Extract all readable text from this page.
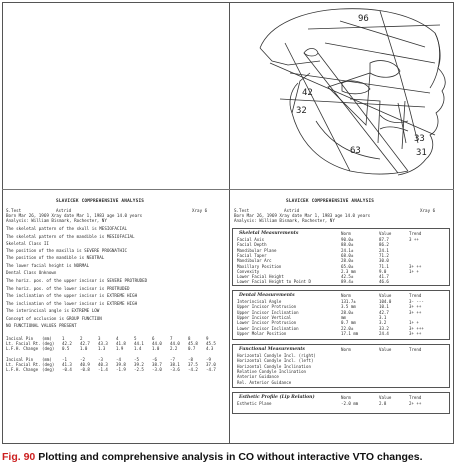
SLAVICEK COMPREHENSIVE ANALYSIS
S.Test	Astrid	Xray 6
Born Mar 26, 1969 Xray date Mar 1, 1983 age 14.0 years
Analysis: William Bismark, Rochester, NY
The skeletal pattern of the skull is MESIOFACIAL
The skeletal pattern of the mandible is MESIOFACIAL
Skeletal Class II
The position of the maxilla is SEVERE PROGNATHIC
The position of the mandible is NEUTRAL
The lower facial height is NORMAL
Dental Class Unknown
The horiz. pos. of the upper incisor is SEVERE PROTRUDED
The horiz. pos. of the lower incisor is PROTRUDED
The inclination of the upper incisor is EXTREME HIGH
The inclination of the lower incisor is EXTREME HIGH
The interincisal angle is EXTREME LOW
Concept of occlusion is GROUP FUNCTION
NO FUNCTIONAL VALUES PRESENT
Incisal Pin (mm) 1	2	3	4	5	6	7	8	9
Lt. Facial Rt. (deg) 42.2 42.7 43.3 41.8 44.1 44.0 44.0 45.8 45.5
L.F.H. Change (deg) 0.5	1.0	1.3	1.9	1.4	1.0	2.2	0.7	4.3
Incisal Pin (mm) -1	-2	-3	-4	-5	-6	-7	-8	-9
Lt. Facial Rt. (deg) 41.3 40.9 40.3 39.8 39.2 38.7 38.1 37.5 37.0
L.F.H. Change (deg) -0.4 -0.8 -1.4 -1.9 -2.5 -3.0 -3.6 -4.2 -4.7
96
42
32
33
31
63
SLAVICEK COMPREHENSIVE ANALYSIS
S.Test	Astrid	Xray 6
Born Mar 26, 1969 Xray date Mar 1, 1983 age 14.0 years
Analysis: William Bismark, Rochester, NY
Skeletal Measurements	Norm	Value	Trend
Facial Axis	90.0±	87.7	3 ++
Facial Depth	88.0±	86.2
Mandibular Plane	24.1±	24.1
Facial Taper	68.0±	71.2
Mandibular Arc	28.0±	30.0
Maxillary Position	65.0±	71.1	3+ ++
Convexity	2.3 mm	9.0	1+ +
Lower Facial Height	42.5±	41.7
Lower Facial Height to Point D	89.4±	46.6
Dental Measurements	Norm	Value	Trend
Interincisal Angle	131.7±	104.0	3- ---
Upper Incisor Protrusion	3.5 mm	10.1	3+ ++
Upper Incisor Inclination	28.0±	42.7	3+ ++
Upper Incisor Vertical	mm	3.1
Lower Incisor Protrusion	0.7 mm	3.2	1+ +
Lower Incisor Inclination	22.0±	33.2	3+ +++
Upper Molar Position	17.1 mm	24.4	3+ ++
Functional Measurements	Norm	Value	Trend
Horizontal Condyle Incl. (right)
Horizontal Condyle Incl. (left)
Horizontal Condyle Inclination
Relative Condyle Inclination
Anterior Guidance
Rel. Anterior Guidance
Esthetic Profile (Lip Relation)	Norm	Value	Trend
Esthetic Plane	-2.0 mm	2.8	2+ ++
Fig. 90 Plotting and comprehensive analysis in CO without interactive VTO changes.
